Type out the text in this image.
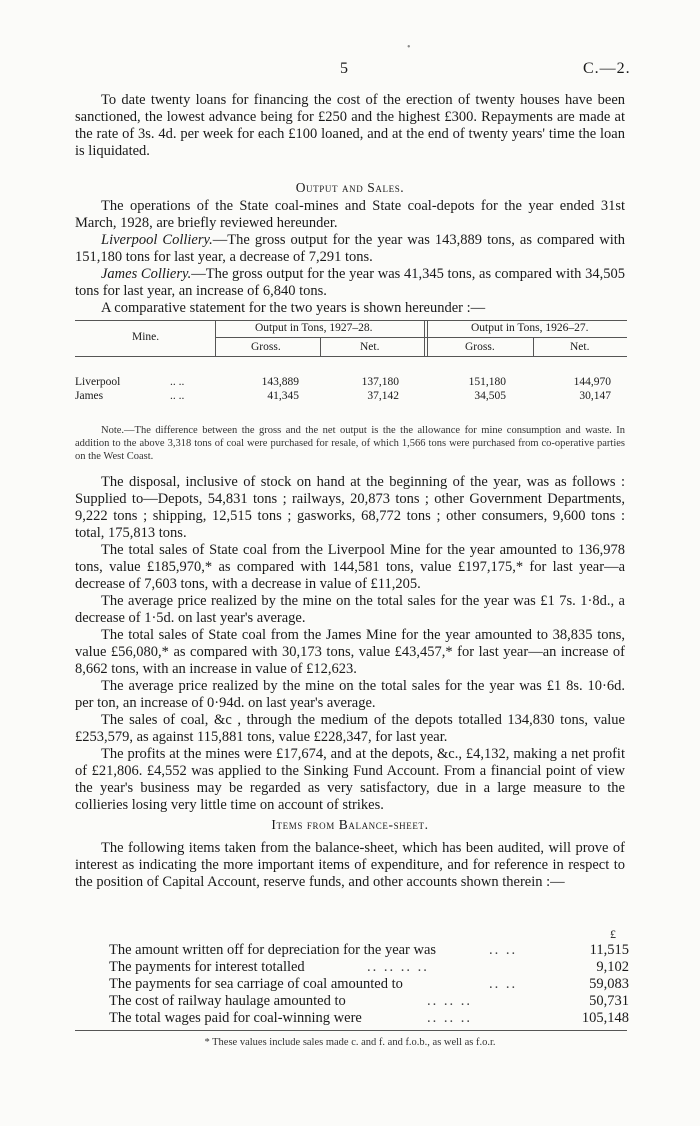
•
5	C.—2.

To date twenty loans for financing the cost of the erection of twenty houses have been sanctioned, the lowest advance being for £250 and the highest £300. Repayments are made at the rate of 3s. 4d. per week for each £100 loaned, and at the end of twenty years' time the loan is liquidated.

Output and Sales.

The operations of the State coal-mines and State coal-depots for the year ended 31st March, 1928, are briefly reviewed hereunder.

Liverpool Colliery.—The gross output for the year was 143,889 tons, as compared with 151,180 tons for last year, a decrease of 7,291 tons.

James Colliery.—The gross output for the year was 41,345 tons, as compared with 34,505 tons for last year, an increase of 6,840 tons.

A comparative statement for the two years is shown hereunder :—

Mine.
Output in Tons, 1927–28.	Output in Tons, 1926–27.
Gross.	Net.	Gross.	Net.
Liverpool	.. ..	143,889	137,180	151,180	144,970
James	.. ..	41,345	37,142	34,505	30,147

Note.—The difference between the gross and the net output is the the allowance for mine consumption and waste. In addition to the above 3,318 tons of coal were purchased for resale, of which 1,566 tons were purchased from co-operative parties on the West Coast.

The disposal, inclusive of stock on hand at the beginning of the year, was as follows : Supplied to—Depots, 54,831 tons ; railways, 20,873 tons ; other Government Departments, 9,222 tons ; shipping, 12,515 tons ; gasworks, 68,772 tons ; other consumers, 9,600 tons : total, 175,813 tons.

The total sales of State coal from the Liverpool Mine for the year amounted to 136,978 tons, value £185,970,* as compared with 144,581 tons, value £197,175,* for last year—a decrease of 7,603 tons, with a decrease in value of £11,205.

The average price realized by the mine on the total sales for the year was £1 7s. 1·8d., a decrease of 1·5d. on last year's average.

The total sales of State coal from the James Mine for the year amounted to 38,835 tons, value £56,080,* as compared with 30,173 tons, value £43,457,* for last year—an increase of 8,662 tons, with an increase in value of £12,623.

The average price realized by the mine on the total sales for the year was £1 8s. 10·6d. per ton, an increase of 0·94d. on last year's average.

The sales of coal, &c , through the medium of the depots totalled 134,830 tons, value £253,579, as against 115,881 tons, value £228,347, for last year.

The profits at the mines were £17,674, and at the depots, &c., £4,132, making a net profit of £21,806. £4,552 was applied to the Sinking Fund Account. From a financial point of view the year's business may be regarded as very satisfactory, due in a large measure to the collieries losing very little time on account of strikes.

Items from Balance-sheet.

The following items taken from the balance-sheet, which has been audited, will prove of interest as indicating the more important items of expenditure, and for reference in respect to the position of Capital Account, reserve funds, and other accounts shown therein :—

£
The amount written off for depreciation for the year was	.. ..	11,515
The payments for interest totalled	.. .. .. ..	9,102
The payments for sea carriage of coal amounted to	.. ..	59,083
The cost of railway haulage amounted to	.. .. ..	50,731
The total wages paid for coal-winning were	.. .. ..	105,148
* These values include sales made c. and f. and f.o.b., as well as f.o.r.
